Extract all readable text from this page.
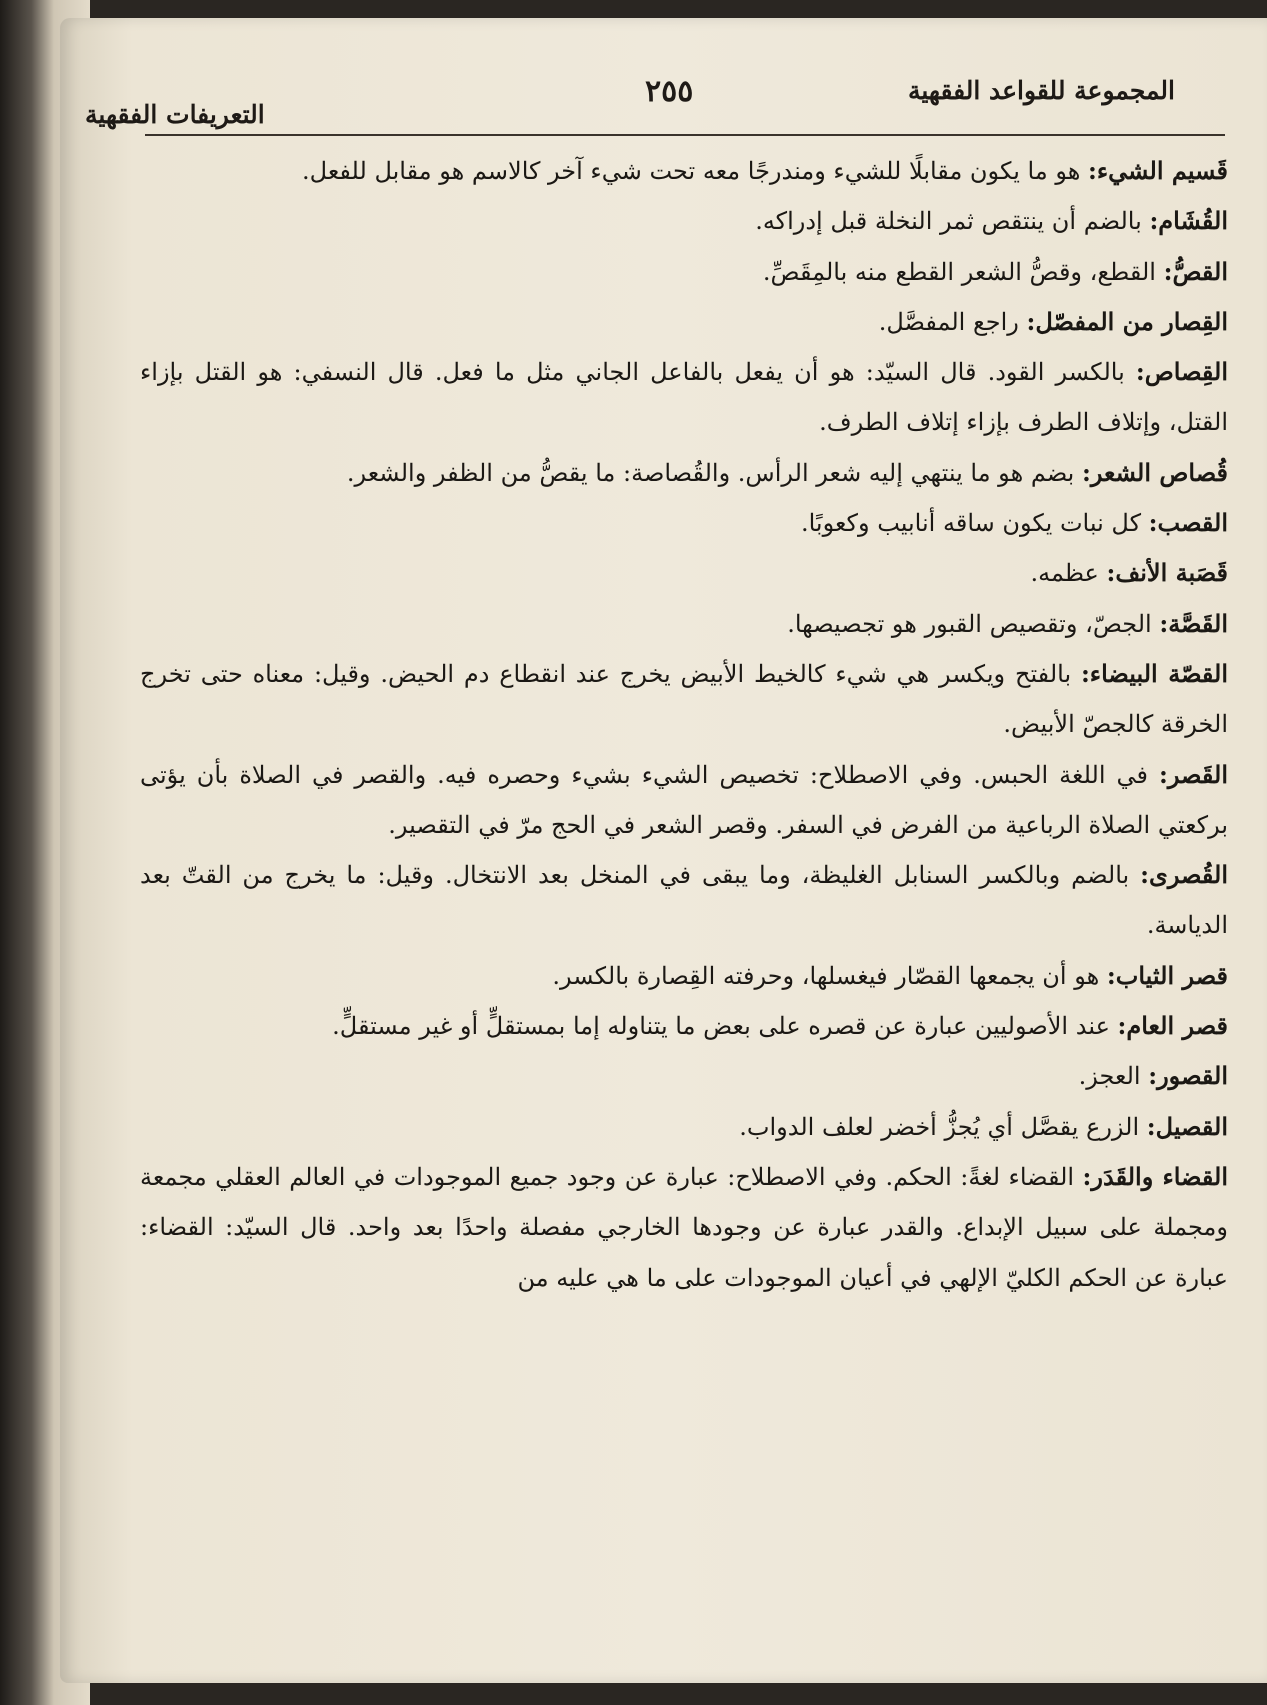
المجموعة للقواعد الفقهية
٢٥٥
التعريفات الفقهية

قَسيم الشيء: هو ما يكون مقابلًا للشيء ومندرجًا معه تحت شيء آخر كالاسم هو مقابل للفعل.

القُشَام: بالضم أن ينتقص ثمر النخلة قبل إدراكه.

القصُّ: القطع، وقصُّ الشعر القطع منه بالمِقَصِّ.

القِصار من المفصّل: راجع المفصَّل.

القِصاص: بالكسر القود. قال السيّد: هو أن يفعل بالفاعل الجاني مثل ما فعل. قال النسفي: هو القتل بإزاء القتل، وإتلاف الطرف بإزاء إتلاف الطرف.

قُصاص الشعر: بضم هو ما ينتهي إليه شعر الرأس. والقُصاصة: ما يقصُّ من الظفر والشعر.

القصب: كل نبات يكون ساقه أنابيب وكعوبًا.

قَصَبة الأنف: عظمه.

القَصَّة: الجصّ، وتقصيص القبور هو تجصيصها.

القصّة البيضاء: بالفتح ويكسر هي شيء كالخيط الأبيض يخرج عند انقطاع دم الحيض. وقيل: معناه حتى تخرج الخرقة كالجصّ الأبيض.

القَصر: في اللغة الحبس. وفي الاصطلاح: تخصيص الشيء بشيء وحصره فيه. والقصر في الصلاة بأن يؤتى بركعتي الصلاة الرباعية من الفرض في السفر. وقصر الشعر في الحج مرّ في التقصير.

القُصرى: بالضم وبالكسر السنابل الغليظة، وما يبقى في المنخل بعد الانتخال. وقيل: ما يخرج من القتّ بعد الدياسة.

قصر الثياب: هو أن يجمعها القصّار فيغسلها، وحرفته القِصارة بالكسر.

قصر العام: عند الأصوليين عبارة عن قصره على بعض ما يتناوله إما بمستقلٍّ أو غير مستقلٍّ.

القصور: العجز.

القصيل: الزرع يقصَّل أي يُجزُّ أخضر لعلف الدواب.

القضاء والقَدَر: القضاء لغةً: الحكم. وفي الاصطلاح: عبارة عن وجود جميع الموجودات في العالم العقلي مجمعة ومجملة على سبيل الإبداع. والقدر عبارة عن وجودها الخارجي مفصلة واحدًا بعد واحد. قال السيّد: القضاء: عبارة عن الحكم الكليّ الإلهي في أعيان الموجودات على ما هي عليه من
